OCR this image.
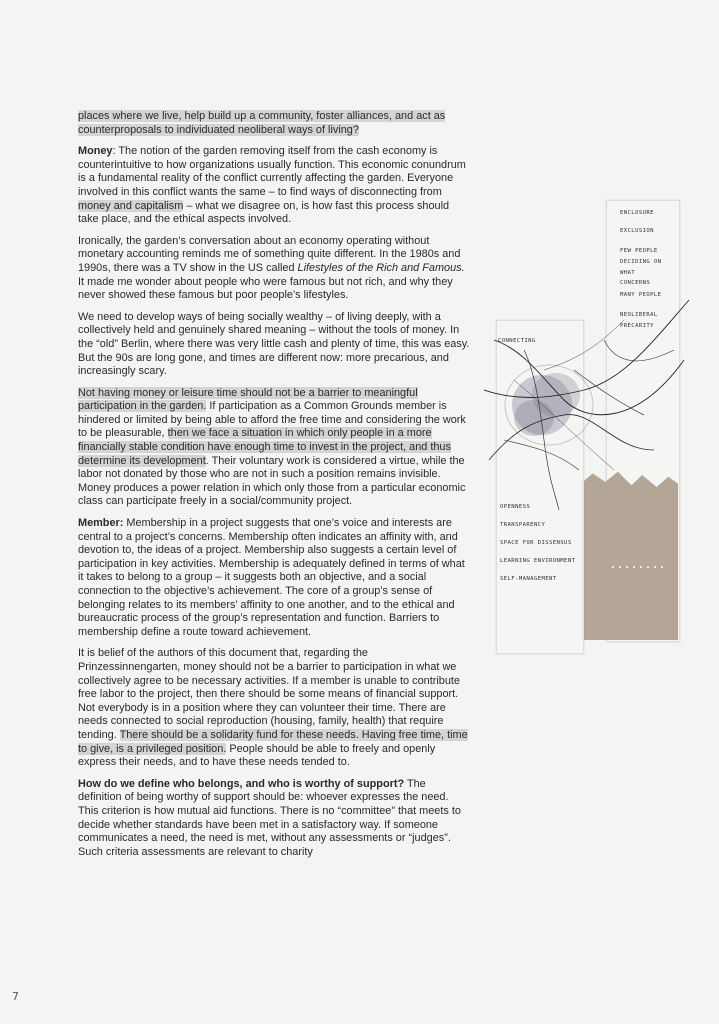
places where we live, help build up a community, foster alliances, and act as counterproposals to individuated neoliberal ways of living?

Money: The notion of the garden removing itself from the cash economy is counterintuitive to how organizations usually function. This economic conundrum is a fundamental reality of the conflict currently affecting the garden. Everyone involved in this conflict wants the same – to find ways of disconnecting from money and capitalism – what we disagree on, is how fast this process should take place, and the ethical aspects involved.

Ironically, the garden’s conversation about an economy operating without monetary accounting reminds me of something quite different. In the 1980s and 1990s, there was a TV show in the US called Lifestyles of the Rich and Famous. It made me wonder about people who were famous but not rich, and why they never showed these famous but poor people’s lifestyles.

We need to develop ways of being socially wealthy – of living deeply, with a collectively held and genuinely shared meaning – without the tools of money. In the “old” Berlin, where there was very little cash and plenty of time, this was easy. But the 90s are long gone, and times are different now: more precarious, and increasingly scary.

Not having money or leisure time should not be a barrier to meaningful participation in the garden. If participation as a Common Grounds member is hindered or limited by being able to afford the free time and considering the work to be pleasurable, then we face a situation in which only people in a more financially stable condition have enough time to invest in the project, and thus determine its development. Their voluntary work is considered a virtue, while the labor not donated by those who are not in such a position remains invisible. Money produces a power relation in which only those from a particular economic class can participate freely in a social/community project.

Member: Membership in a project suggests that one’s voice and interests are central to a project’s concerns. Membership often indicates an affinity with, and devotion to, the ideas of a project. Membership also suggests a certain level of participation in key activities. Membership is adequately defined in terms of what it takes to belong to a group – it suggests both an objective, and a social connection to the objective’s achievement. The core of a group’s sense of belonging relates to its members’ affinity to one another, and to the ethical and bureaucratic process of the group’s representation and function. Barriers to membership define a route toward achievement.

It is belief of the authors of this document that, regarding the Prinzessinnengarten, money should not be a barrier to participation in what we collectively agree to be necessary activities. If a member is unable to contribute free labor to the project, then there should be some means of financial support. Not everybody is in a position where they can volunteer their time. There are needs connected to social reproduction (housing, family, health) that require tending. There should be a solidarity fund for these needs. Having free time, time to give, is a privileged position. People should be able to freely and openly express their needs, and to have these needs tended to.

How do we define who belongs, and who is worthy of support? The definition of being worthy of support should be: whoever expresses the need. This criterion is how mutual aid functions. There is no “committee” that meets to decide whether standards have been met in a satisfactory way. If someone communicates a need, the need is met, without any assessments or “judges”. Such criteria assessments are relevant to charity

ENCLOSURE
EXCLUSION
FEW PEOPLE
DECIDING ON
WHAT
CONCERNS
MANY PEOPLE
NEOLIBERAL
PRECARITY
CONNECTING
OPENNESS
TRANSPARENCY
SPACE FOR DISSENSUS
LEARNING ENVIRONMENT
SELF-MANAGEMENT
7
